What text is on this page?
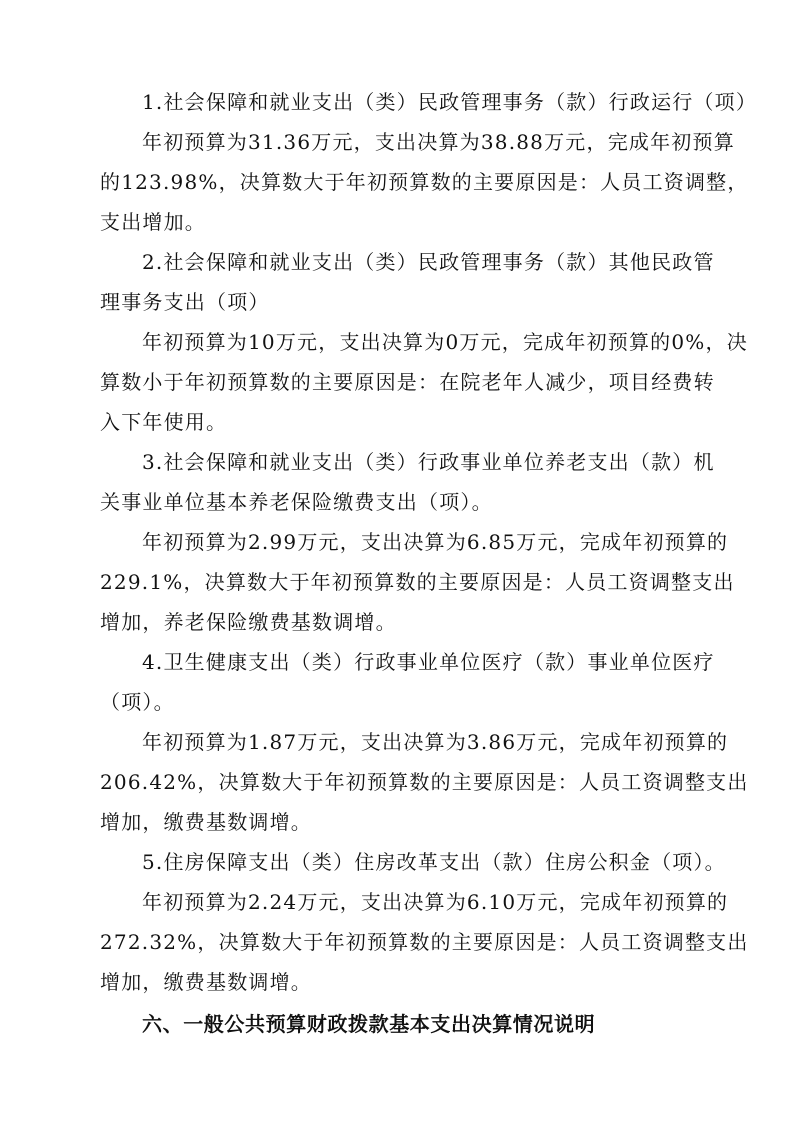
1.社会保障和就业支出（类）民政管理事务（款）行政运行（项）

年初预算为31.36万元，支出决算为38.88万元，完成年初预算

的123.98%，决算数大于年初预算数的主要原因是：人员工资调整，

支出增加。

2.社会保障和就业支出（类）民政管理事务（款）其他民政管

理事务支出（项）

年初预算为10万元，支出决算为0万元，完成年初预算的0%，决

算数小于年初预算数的主要原因是：在院老年人减少，项目经费转

入下年使用。

3.社会保障和就业支出（类）行政事业单位养老支出（款）机

关事业单位基本养老保险缴费支出（项）。

年初预算为2.99万元，支出决算为6.85万元，完成年初预算的

229.1%，决算数大于年初预算数的主要原因是：人员工资调整支出

增加，养老保险缴费基数调增。

4.卫生健康支出（类）行政事业单位医疗（款）事业单位医疗

（项）。

年初预算为1.87万元，支出决算为3.86万元，完成年初预算的

206.42%，决算数大于年初预算数的主要原因是：人员工资调整支出

增加，缴费基数调增。

5.住房保障支出（类）住房改革支出（款）住房公积金（项）。

年初预算为2.24万元，支出决算为6.10万元，完成年初预算的

272.32%，决算数大于年初预算数的主要原因是：人员工资调整支出

增加，缴费基数调增。

六、一般公共预算财政拨款基本支出决算情况说明
